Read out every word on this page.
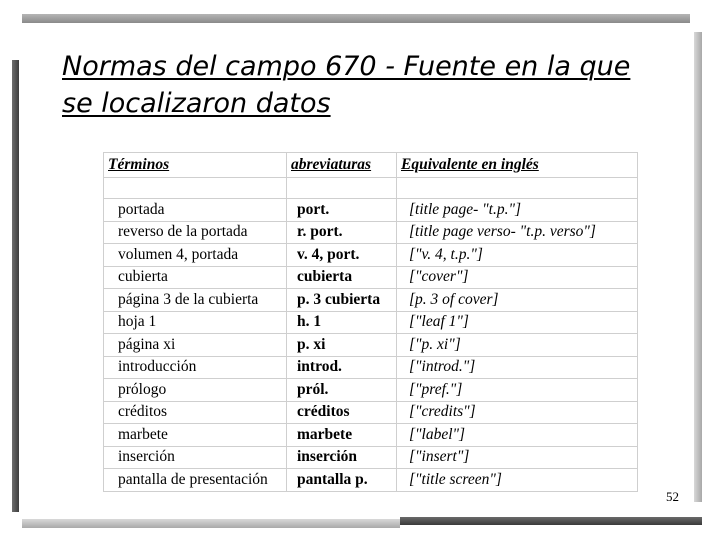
Normas del campo 670 - Fuente en la que se localizaron datos
Términos	abreviaturas	Equivalente en inglés

portada	port.	[title page- "t.p."]
reverso de la portada	r. port.	[title page verso- "t.p. verso"]
volumen 4, portada	v. 4, port.	["v. 4, t.p."]
cubierta	cubierta	["cover"]
página 3 de la cubierta	p. 3 cubierta	[p. 3 of cover]
hoja 1	h. 1	["leaf 1"]
página xi	p. xi	["p. xi"]
introducción	introd.	["introd."]
prólogo	pról.	["pref."]
créditos	créditos	["credits"]
marbete	marbete	["label"]
inserción	inserción	["insert"]
pantalla de presentación	pantalla p.	["title screen"]
52
